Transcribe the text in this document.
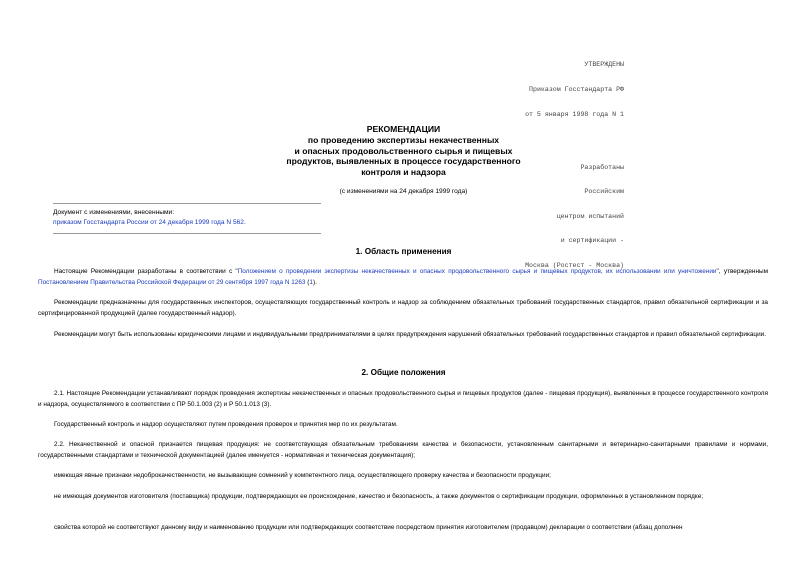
УТВЕРЖДЕНЫ

Приказом Госстандарта РФ

от 5 января 1998 года N 1

Разработаны

Российским

центром испытаний

и сертификации -

Москва (Ростест - Москва)

РЕКОМЕНДАЦИИ
по проведению экспертизы некачественных
и опасных продовольственного сырья и пищевых
продуктов, выявленных в процессе государственного
контроля и надзора
(с изменениями на 24 декабря 1999 года)
Документ с изменениями, внесенными:
приказом Госстандарта России от 24 декабря 1999 года N 562.
1. Область применения

Настоящие Рекомендации разработаны в соответствии с "Положением о проведении экспертизы некачественных и опасных продовольственного сырья и пищевых продуктов, их использовании или уничтожении", утвержденным Постановлением Правительства Российской Федерации от 29 сентября 1997 года N 1263 (1).

Рекомендации предназначены для государственных инспекторов, осуществляющих государственный контроль и надзор за соблюдением обязательных требований государственных стандартов, правил обязательной сертификации и за сертифицированной продукцией (далее государственный надзор).

Рекомендации могут быть использованы юридическими лицами и индивидуальными предпринимателями в целях предупреждения нарушений обязательных требований государственных стандартов и правил обязательной сертификации.

2. Общие положения

2.1. Настоящие Рекомендации устанавливают порядок проведения экспертизы некачественных и опасных продовольственного сырья и пищевых продуктов (далее - пищевая продукция), выявленных в процессе государственного контроля и надзора, осуществляемого в соответствии с ПР 50.1.003 (2) и Р 50.1.013 (3).

Государственный контроль и надзор осуществляют путем проведения проверок и принятия мер по их результатам.

2.2. Некачественной и опасной признается пищевая продукция: не соответствующая обязательным требованиям качества и безопасности, установленным санитарными и ветеринарно-санитарными правилами и нормами, государственными стандартами и технической документацией (далее именуется - нормативная и техническая документация);

имеющая явные признаки недоброкачественности, не вызывающие сомнений у компетентного лица, осуществляющего проверку качества и безопасности продукции;

не имеющая документов изготовителя (поставщика) продукции, подтверждающих ее происхождение, качество и безопасность, а также документов о сертификации продукции, оформленных в установленном порядке;

свойства которой не соответствуют данному виду и наименованию продукции или подтверждающих соответствие посредством принятия изготовителем (продавцом) декларации о соответствии (абзац дополнен
